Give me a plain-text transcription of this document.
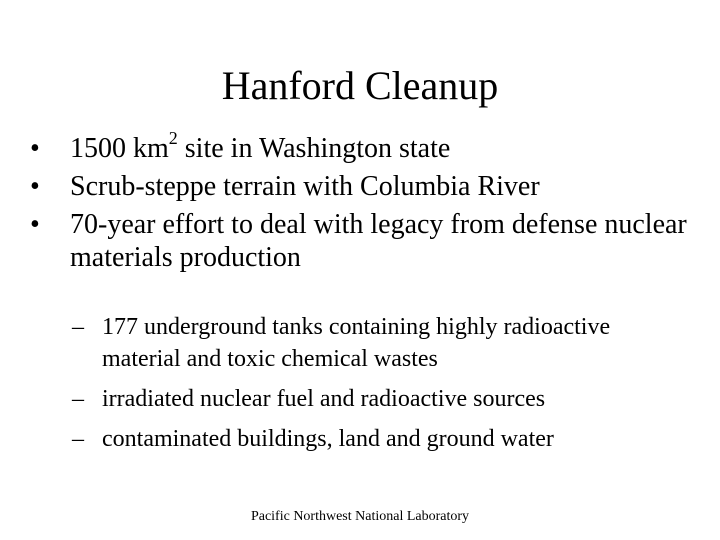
Hanford Cleanup
•	1500 $km^2$ site in Washington state
•	Scrub-steppe terrain with Columbia River
•	70-year effort to deal with legacy from defense nuclear materials production
– 177 underground tanks containing highly radioactive material and toxic chemical wastes
– irradiated nuclear fuel and radioactive sources
– contaminated buildings, land and ground water
Pacific Northwest National Laboratory
